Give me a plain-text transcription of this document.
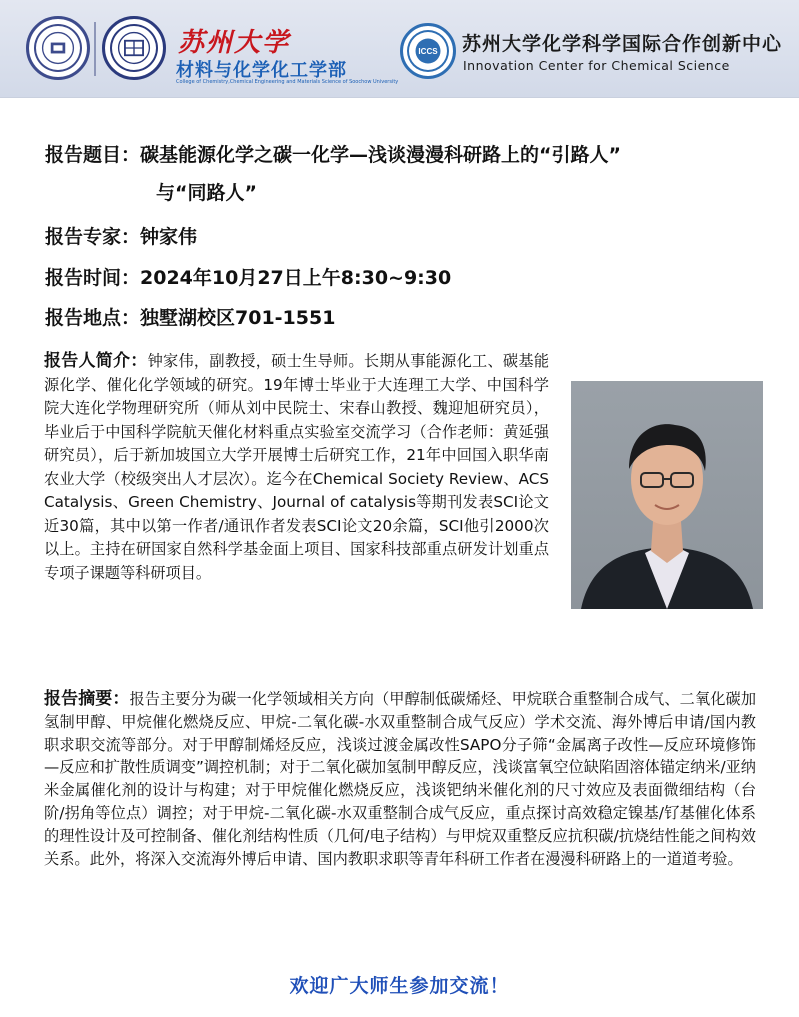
苏州大学
材料与化学化工学部
College of Chemistry,Chemical Engineering and Materials Science of Soochow University
ICCS 苏州大学化学科学国际合作创新中心
Innovation Center for Chemical Science
报告题目：碳基能源化学之碳一化学—浅谈漫漫科研路上的“引路人”
与“同路人”
报告专家：钟家伟
报告时间：2024年10月27日上午8:30~9:30
报告地点：独墅湖校区701-1551
报告人简介：钟家伟，副教授，硕士生导师。长期从事能源化工、碳基能源化学、催化化学领域的研究。19年博士毕业于大连理工大学、中国科学院大连化学物理研究所（师从刘中民院士、宋春山教授、魏迎旭研究员），毕业后于中国科学院航天催化材料重点实验室交流学习（合作老师：黄延强研究员），后于新加坡国立大学开展博士后研究工作，21年中回国入职华南农业大学（校级突出人才层次）。迄今在Chemical Society Review、ACS Catalysis、Green Chemistry、Journal of catalysis等期刊发表SCI论文近30篇，其中以第一作者/通讯作者发表SCI论文20余篇，SCI他引2000次以上。主持在研国家自然科学基金面上项目、国家科技部重点研发计划重点专项子课题等科研项目。
报告摘要：报告主要分为碳一化学领域相关方向（甲醇制低碳烯烃、甲烷联合重整制合成气、二氧化碳加氢制甲醇、甲烷催化燃烧反应、甲烷-二氧化碳-水双重整制合成气反应）学术交流、海外博后申请/国内教职求职交流等部分。对于甲醇制烯烃反应，浅谈过渡金属改性SAPO分子筛“金属离子改性—反应环境修饰—反应和扩散性质调变”调控机制；对于二氧化碳加氢制甲醇反应，浅谈富氧空位缺陷固溶体锚定纳米/亚纳米金属催化剂的设计与构建；对于甲烷催化燃烧反应，浅谈钯纳米催化剂的尺寸效应及表面微细结构（台阶/拐角等位点）调控；对于甲烷-二氧化碳-水双重整制合成气反应，重点探讨高效稳定镍基/钌基催化体系的理性设计及可控制备、催化剂结构性质（几何/电子结构）与甲烷双重整反应抗积碳/抗烧结性能之间构效关系。此外，将深入交流海外博后申请、国内教职求职等青年科研工作者在漫漫科研路上的一道道考验。
欢迎广大师生参加交流！
